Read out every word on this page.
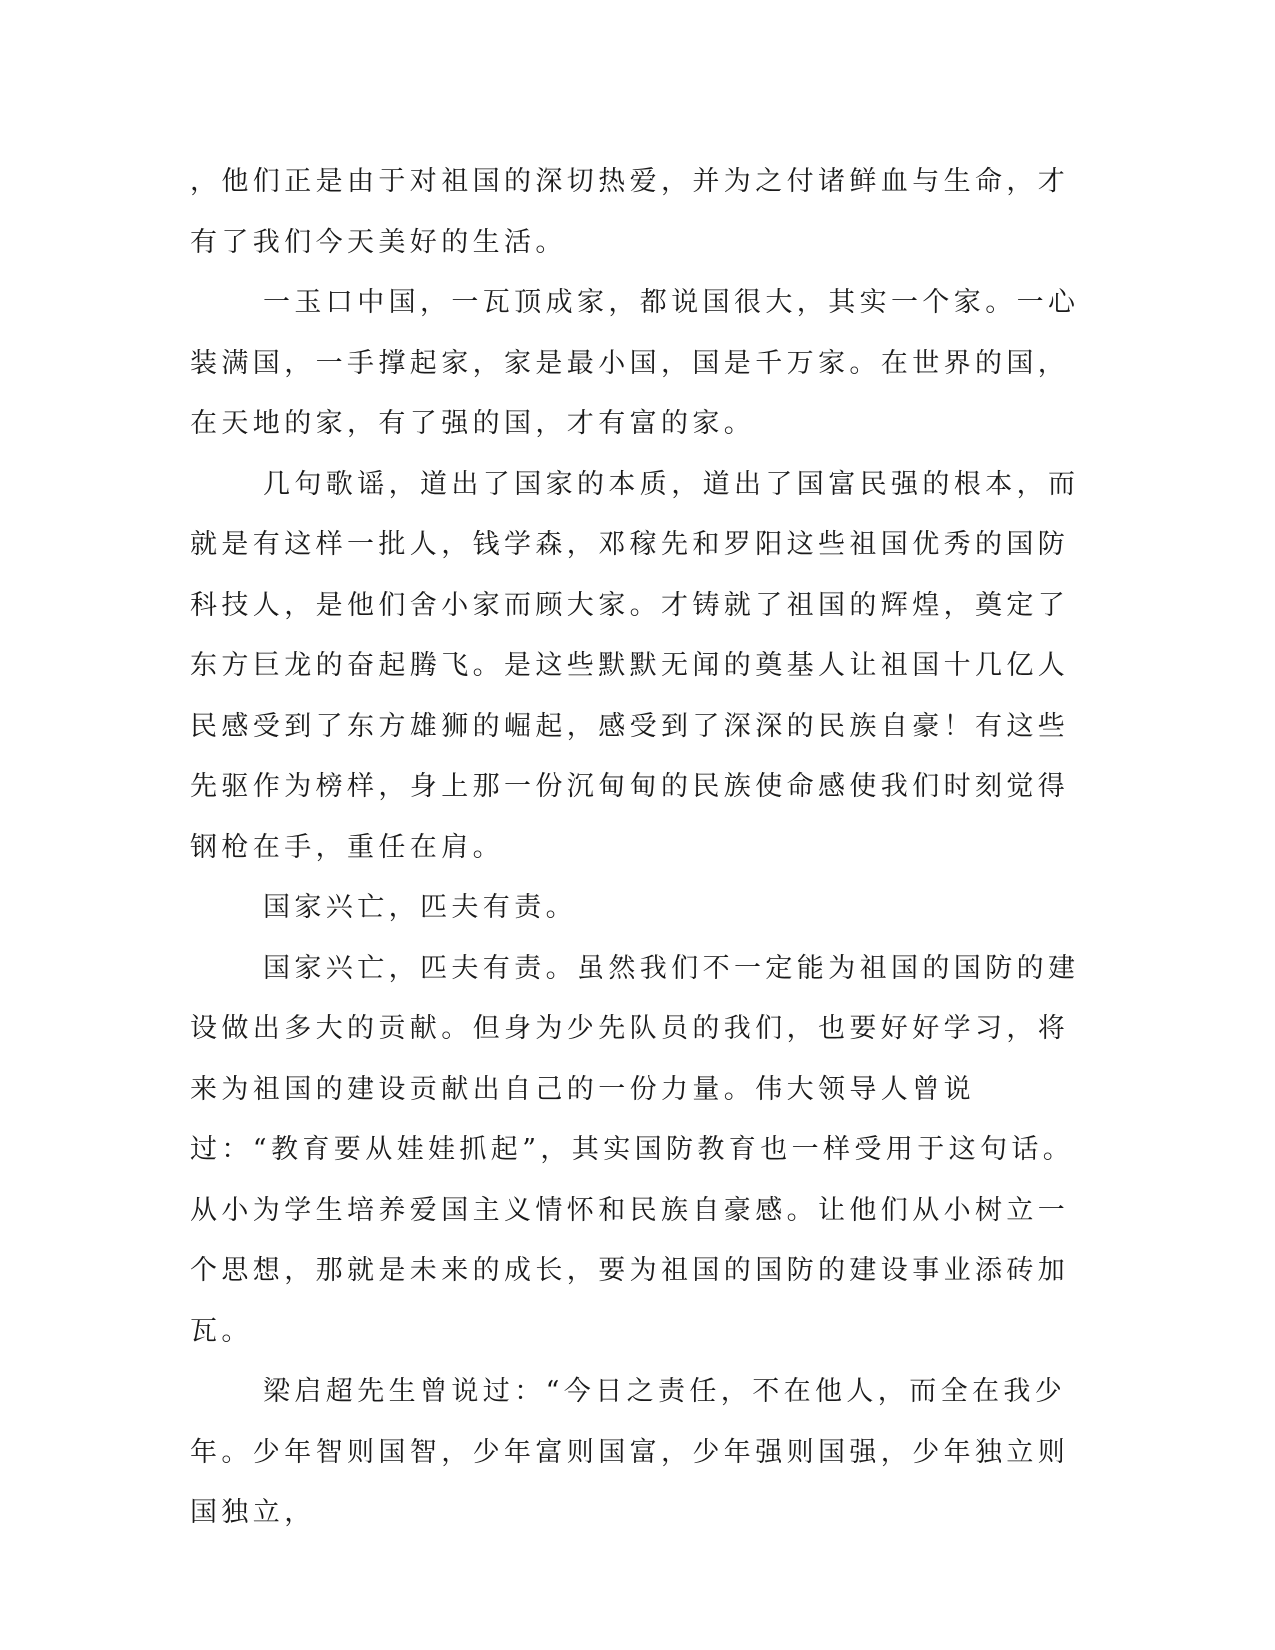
，他们正是由于对祖国的深切热爱，并为之付诸鲜血与生命，才有了我们今天美好的生活。

一玉口中国，一瓦顶成家，都说国很大，其实一个家。一心装满国，一手撑起家，家是最小国，国是千万家。在世界的国，在天地的家，有了强的国，才有富的家。

几句歌谣，道出了国家的本质，道出了国富民强的根本，而就是有这样一批人，钱学森，邓稼先和罗阳这些祖国优秀的国防科技人，是他们舍小家而顾大家。才铸就了祖国的辉煌，奠定了东方巨龙的奋起腾飞。是这些默默无闻的奠基人让祖国十几亿人民感受到了东方雄狮的崛起，感受到了深深的民族自豪！有这些先驱作为榜样，身上那一份沉甸甸的民族使命感使我们时刻觉得钢枪在手，重任在肩。

国家兴亡，匹夫有责。

国家兴亡，匹夫有责。虽然我们不一定能为祖国的国防的建设做出多大的贡献。但身为少先队员的我们，也要好好学习，将来为祖国的建设贡献出自己的一份力量。伟大领导人曾说过：“教育要从娃娃抓起”，其实国防教育也一样受用于这句话。从小为学生培养爱国主义情怀和民族自豪感。让他们从小树立一个思想，那就是未来的成长，要为祖国的国防的建设事业添砖加瓦。

梁启超先生曾说过：“今日之责任，不在他人，而全在我少年。少年智则国智，少年富则国富，少年强则国强，少年独立则国独立，
